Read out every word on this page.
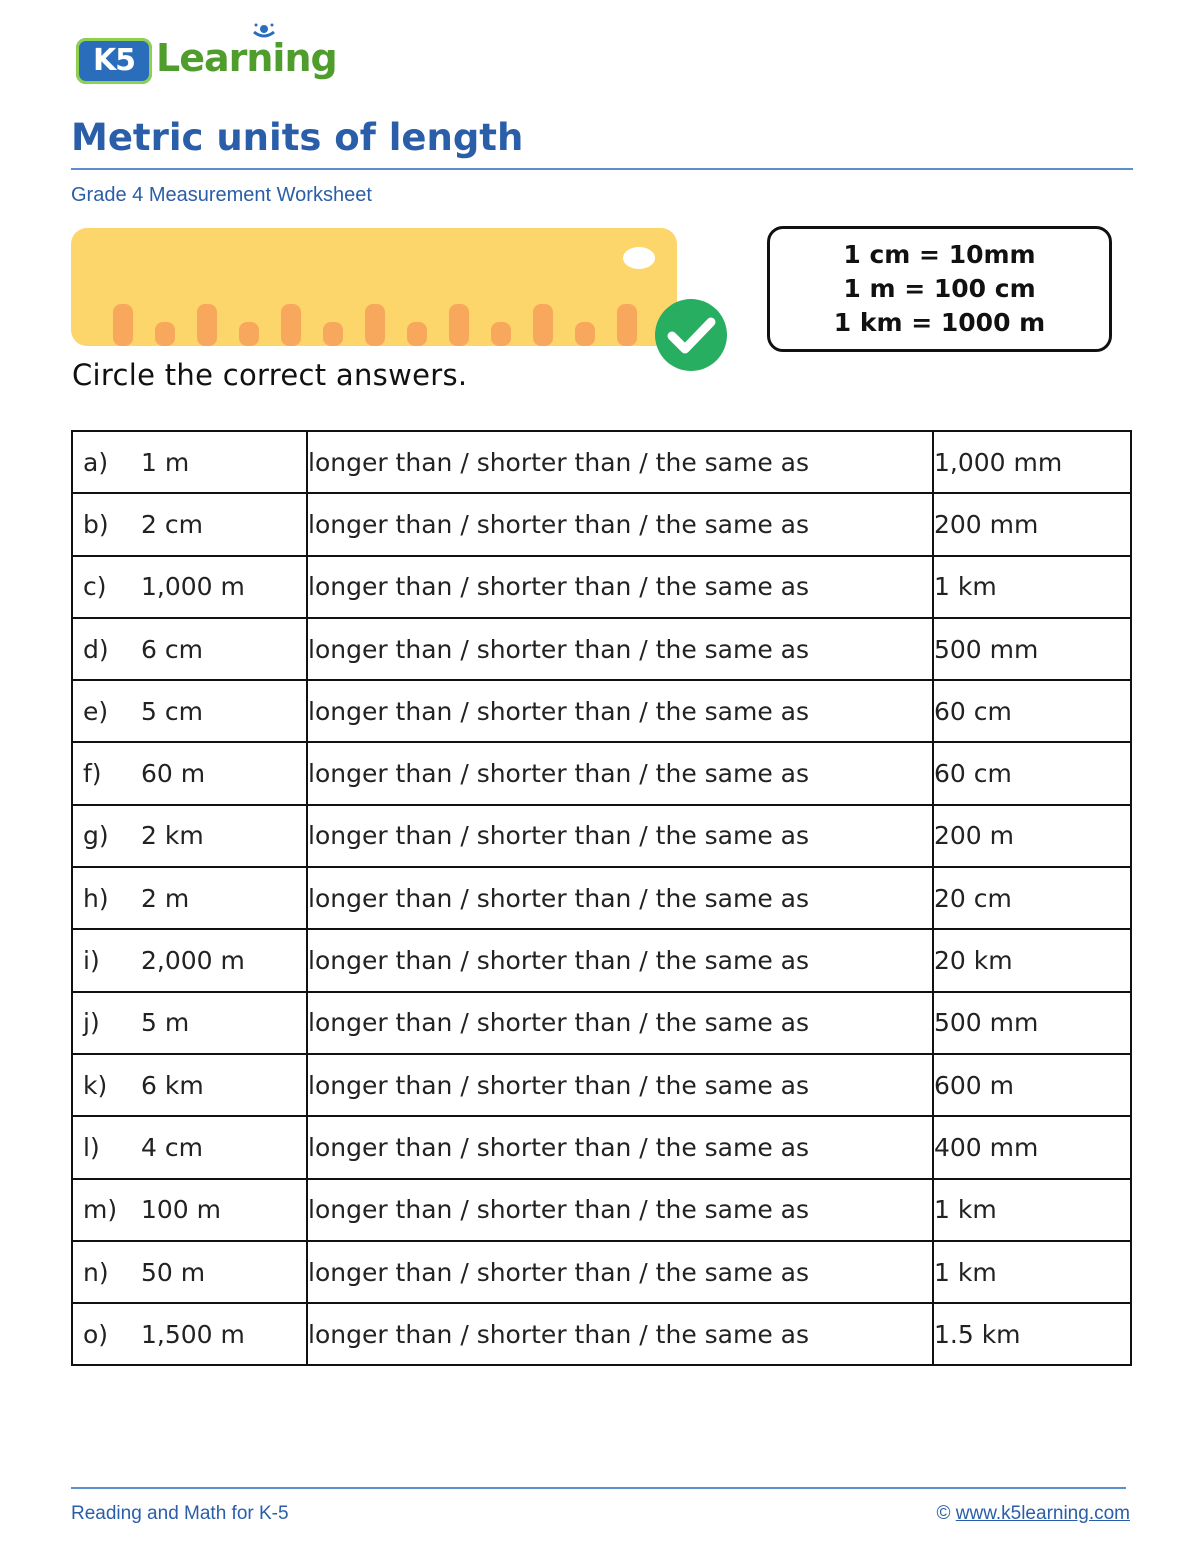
K5 Learning
Metric units of length
Grade 4 Measurement Worksheet
1 cm = 10mm
1 m = 100 cm
1 km = 1000 m
Circle the correct answers.
a) 1 m	longer than / shorter than / the same as	1,000 mm
b) 2 cm	longer than / shorter than / the same as	200 mm
c) 1,000 m	longer than / shorter than / the same as	1 km
d) 6 cm	longer than / shorter than / the same as	500 mm
e) 5 cm	longer than / shorter than / the same as	60 cm
f) 60 m	longer than / shorter than / the same as	60 cm
g) 2 km	longer than / shorter than / the same as	200 m
h) 2 m	longer than / shorter than / the same as	20 cm
i) 2,000 m	longer than / shorter than / the same as	20 km
j) 5 m	longer than / shorter than / the same as	500 mm
k) 6 km	longer than / shorter than / the same as	600 m
l) 4 cm	longer than / shorter than / the same as	400 mm
m) 100 m	longer than / shorter than / the same as	1 km
n) 50 m	longer than / shorter than / the same as	1 km
o) 1,500 m	longer than / shorter than / the same as	1.5 km
Reading and Math for K-5	© www.k5learning.com
